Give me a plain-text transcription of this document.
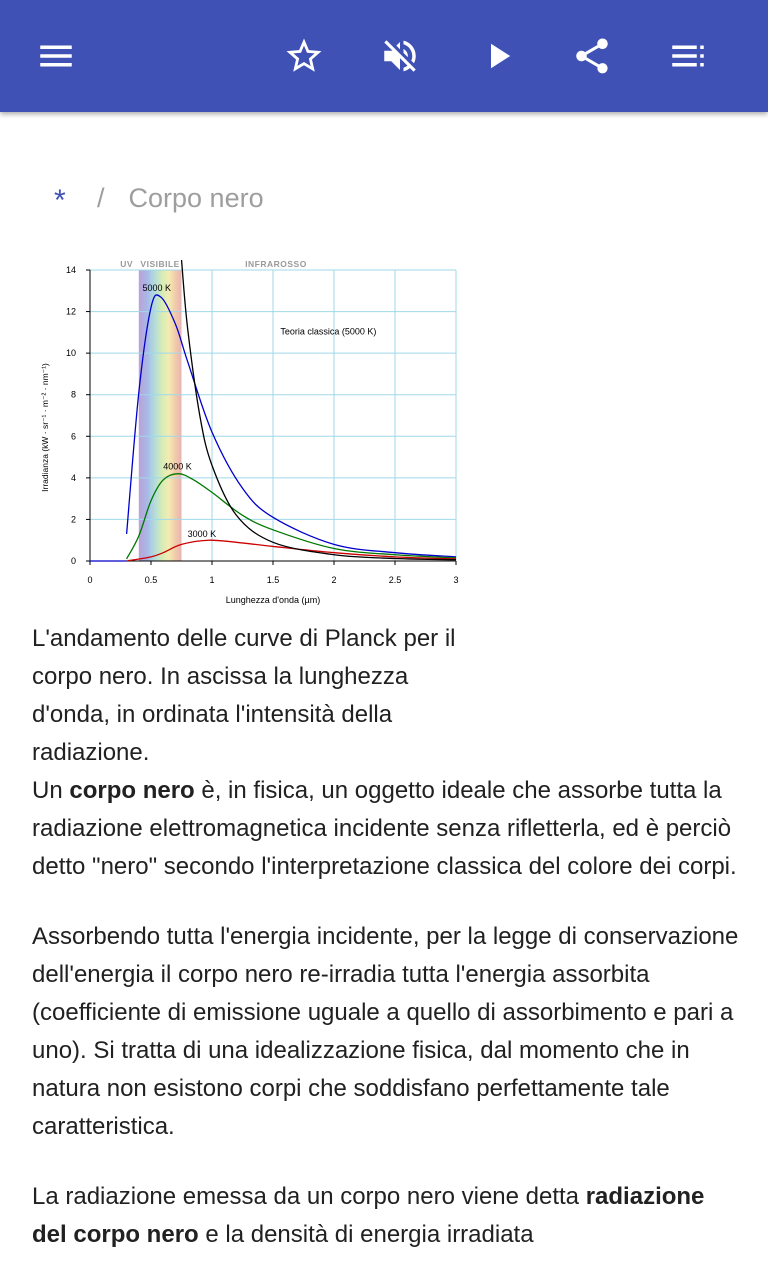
* / Corpo nero
0
2
4
6
8
10
12
14
0	0.5	1	1.5	2	2.5	3
UV VISIBILE	INFRAROSSO
5000 K
4000 K
3000 K
Teoria classica (5000 K)
Lunghezza d'onda (µm)
Irradianza (kW · sr⁻¹ · m⁻² · nm⁻¹)
L'andamento delle curve di Planck per il corpo nero. In ascissa la lunghezza d'onda, in ordinata l'intensità della radiazione.

Un corpo nero è, in fisica, un oggetto ideale che assorbe tutta la radiazione elettromagnetica incidente senza rifletterla, ed è perciò detto "nero" secondo l'interpretazione classica del colore dei corpi.

Assorbendo tutta l'energia incidente, per la legge di conservazione dell'energia il corpo nero re-irradia tutta l'energia assorbita (coefficiente di emissione uguale a quello di assorbimento e pari a uno). Si tratta di una idealizzazione fisica, dal momento che in natura non esistono corpi che soddisfano perfettamente tale caratteristica.

La radiazione emessa da un corpo nero viene detta radiazione del corpo nero e la densità di energia irradiata
